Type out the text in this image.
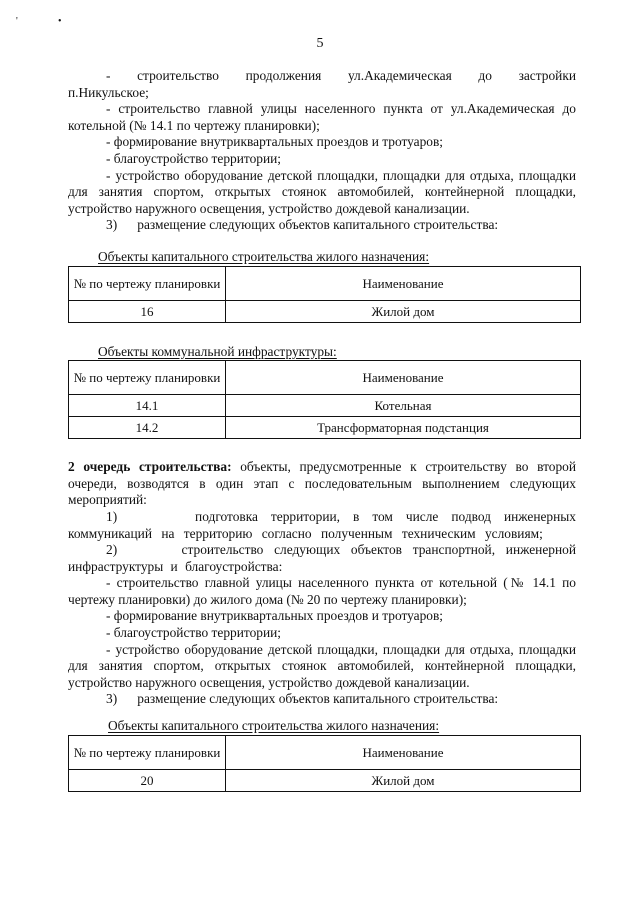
'	•
5

- строительство продолжения ул.Академическая до застройки п.Никульское;

- строительство главной улицы населенного пункта от ул.Академическая до котельной (№ 14.1 по чертежу планировки);

- формирование внутриквартальных проездов и тротуаров;

- благоустройство территории;

- устройство оборудование детской площадки, площадки для отдыха, площадки для занятия спортом, открытых стоянок автомобилей, контейнерной площадки, устройство наружного освещения, устройство дождевой канализации.

3) размещение следующих объектов капитального строительства:

Объекты капитального строительства жилого назначения:

№ по чертежу планировки	Наименование
16	Жилой дом

Объекты коммунальной инфраструктуры:

№ по чертежу планировки	Наименование
14.1	Котельная
14.2	Трансформаторная подстанция

2 очередь строительства: объекты, предусмотренные к строительству во второй очереди, возводятся в один этап с последовательным выполнением следующих мероприятий:

1)	подготовка территории, в том числе подвод инженерных коммуникаций на территорию согласно полученным техническим условиям;

2)	строительство следующих объектов транспортной, инженерной инфраструктуры и благоустройства:

- строительство главной улицы населенного пункта от котельной (№ 14.1 по чертежу планировки) до жилого дома (№ 20 по чертежу планировки);

- формирование внутриквартальных проездов и тротуаров;

- благоустройство территории;

- устройство оборудование детской площадки, площадки для отдыха, площадки для занятия спортом, открытых стоянок автомобилей, контейнерной площадки, устройство наружного освещения, устройство дождевой канализации.

3) размещение следующих объектов капитального строительства:

Объекты капитального строительства жилого назначения:

№ по чертежу планировки	Наименование
20	Жилой дом
